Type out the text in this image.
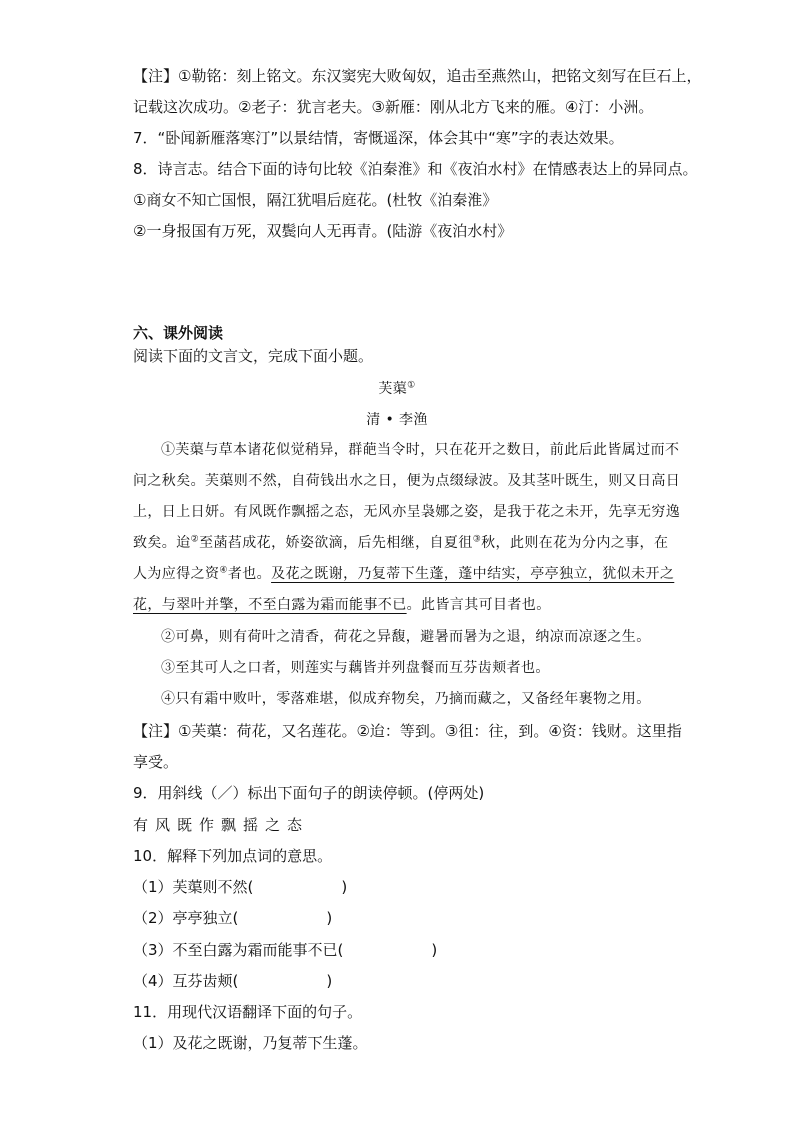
【注】①勒铭：刻上铭文。东汉窦宪大败匈奴，追击至燕然山，把铭文刻写在巨石上，
记载这次成功。②老子：犹言老夫。③新雁：刚从北方飞来的雁。④汀：小洲。
7．“卧闻新雁落寒汀”以景结情，寄慨遥深，体会其中“寒”字的表达效果。
8．诗言志。结合下面的诗句比较《泊秦淮》和《夜泊水村》在情感表达上的异同点。
①商女不知亡国恨，隔江犹唱后庭花。(杜牧《泊秦淮》
②一身报国有万死，双鬓向人无再青。(陆游《夜泊水村》
六、课外阅读
阅读下面的文言文，完成下面小题。
芙蕖①
清 • 李渔
①芙蕖与草本诸花似觉稍异，群葩当令时，只在花开之数日，前此后此皆属过而不
问之秋矣。芙蕖则不然，自荷钱出水之日，便为点缀绿波。及其茎叶既生，则又日高日
上，日上日妍。有风既作飘摇之态，无风亦呈袅娜之姿，是我于花之未开，先享无穷逸
致矣。迨②至菡萏成花，娇姿欲滴，后先相继，自夏徂③秋，此则在花为分内之事，在
人为应得之资④者也。及花之既谢，乃复蒂下生蓬，蓬中结实，亭亭独立，犹似未开之
花，与翠叶并擎，不至白露为霜而能事不已。此皆言其可目者也。
②可鼻，则有荷叶之清香，荷花之异馥，避暑而暑为之退，纳凉而凉逐之生。
③至其可人之口者，则莲实与藕皆并列盘餐而互芬齿颊者也。
④只有霜中败叶，零落难堪，似成弃物矣，乃摘而藏之，又备经年裹物之用。
【注】①芙蕖：荷花，又名莲花。②迨：等到。③徂：往，到。④资：钱财。这里指
享受。
9．用斜线（／）标出下面句子的朗读停顿。(停两处)
有风既作飘摇之态
10．解释下列加点词的意思。
（1）芙蕖则不然(	)
（2）亭亭独立(	)
（3）不至白露为霜而能事不已(	)
（4）互芬齿颊(	)
11．用现代汉语翻译下面的句子。
（1）及花之既谢，乃复蒂下生蓬。
